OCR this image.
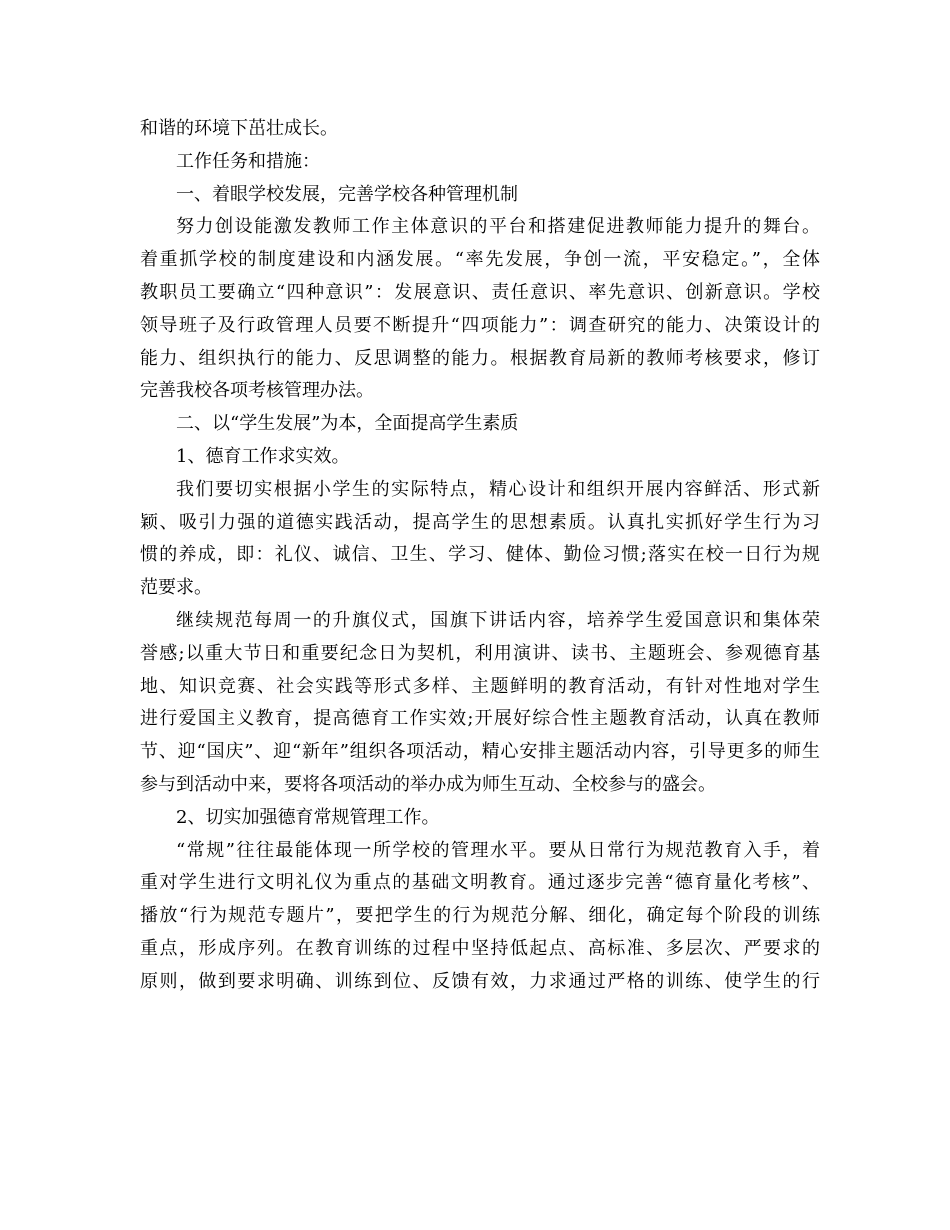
和谐的环境下茁壮成长。
工作任务和措施：
一、着眼学校发展，完善学校各种管理机制
努力创设能激发教师工作主体意识的平台和搭建促进教师能力提升的舞台。
着重抓学校的制度建设和内涵发展。“率先发展，争创一流，平安稳定。”，全体
教职员工要确立“四种意识”：发展意识、责任意识、率先意识、创新意识。学校
领导班子及行政管理人员要不断提升“四项能力”：调查研究的能力、决策设计的
能力、组织执行的能力、反思调整的能力。根据教育局新的教师考核要求，修订
完善我校各项考核管理办法。
二、以“学生发展”为本，全面提高学生素质
1、德育工作求实效。
我们要切实根据小学生的实际特点，精心设计和组织开展内容鲜活、形式新
颖、吸引力强的道德实践活动，提高学生的思想素质。认真扎实抓好学生行为习
惯的养成，即：礼仪、诚信、卫生、学习、健体、勤俭习惯;落实在校一日行为规
范要求。
继续规范每周一的升旗仪式，国旗下讲话内容，培养学生爱国意识和集体荣
誉感;以重大节日和重要纪念日为契机，利用演讲、读书、主题班会、参观德育基
地、知识竞赛、社会实践等形式多样、主题鲜明的教育活动，有针对性地对学生
进行爱国主义教育，提高德育工作实效;开展好综合性主题教育活动，认真在教师
节、迎“国庆”、迎“新年”组织各项活动，精心安排主题活动内容，引导更多的师生
参与到活动中来，要将各项活动的举办成为师生互动、全校参与的盛会。
2、切实加强德育常规管理工作。
“常规”往往最能体现一所学校的管理水平。要从日常行为规范教育入手，着
重对学生进行文明礼仪为重点的基础文明教育。通过逐步完善“德育量化考核”、
播放“行为规范专题片”，要把学生的行为规范分解、细化，确定每个阶段的训练
重点，形成序列。在教育训练的过程中坚持低起点、高标准、多层次、严要求的
原则，做到要求明确、训练到位、反馈有效，力求通过严格的训练、使学生的行
